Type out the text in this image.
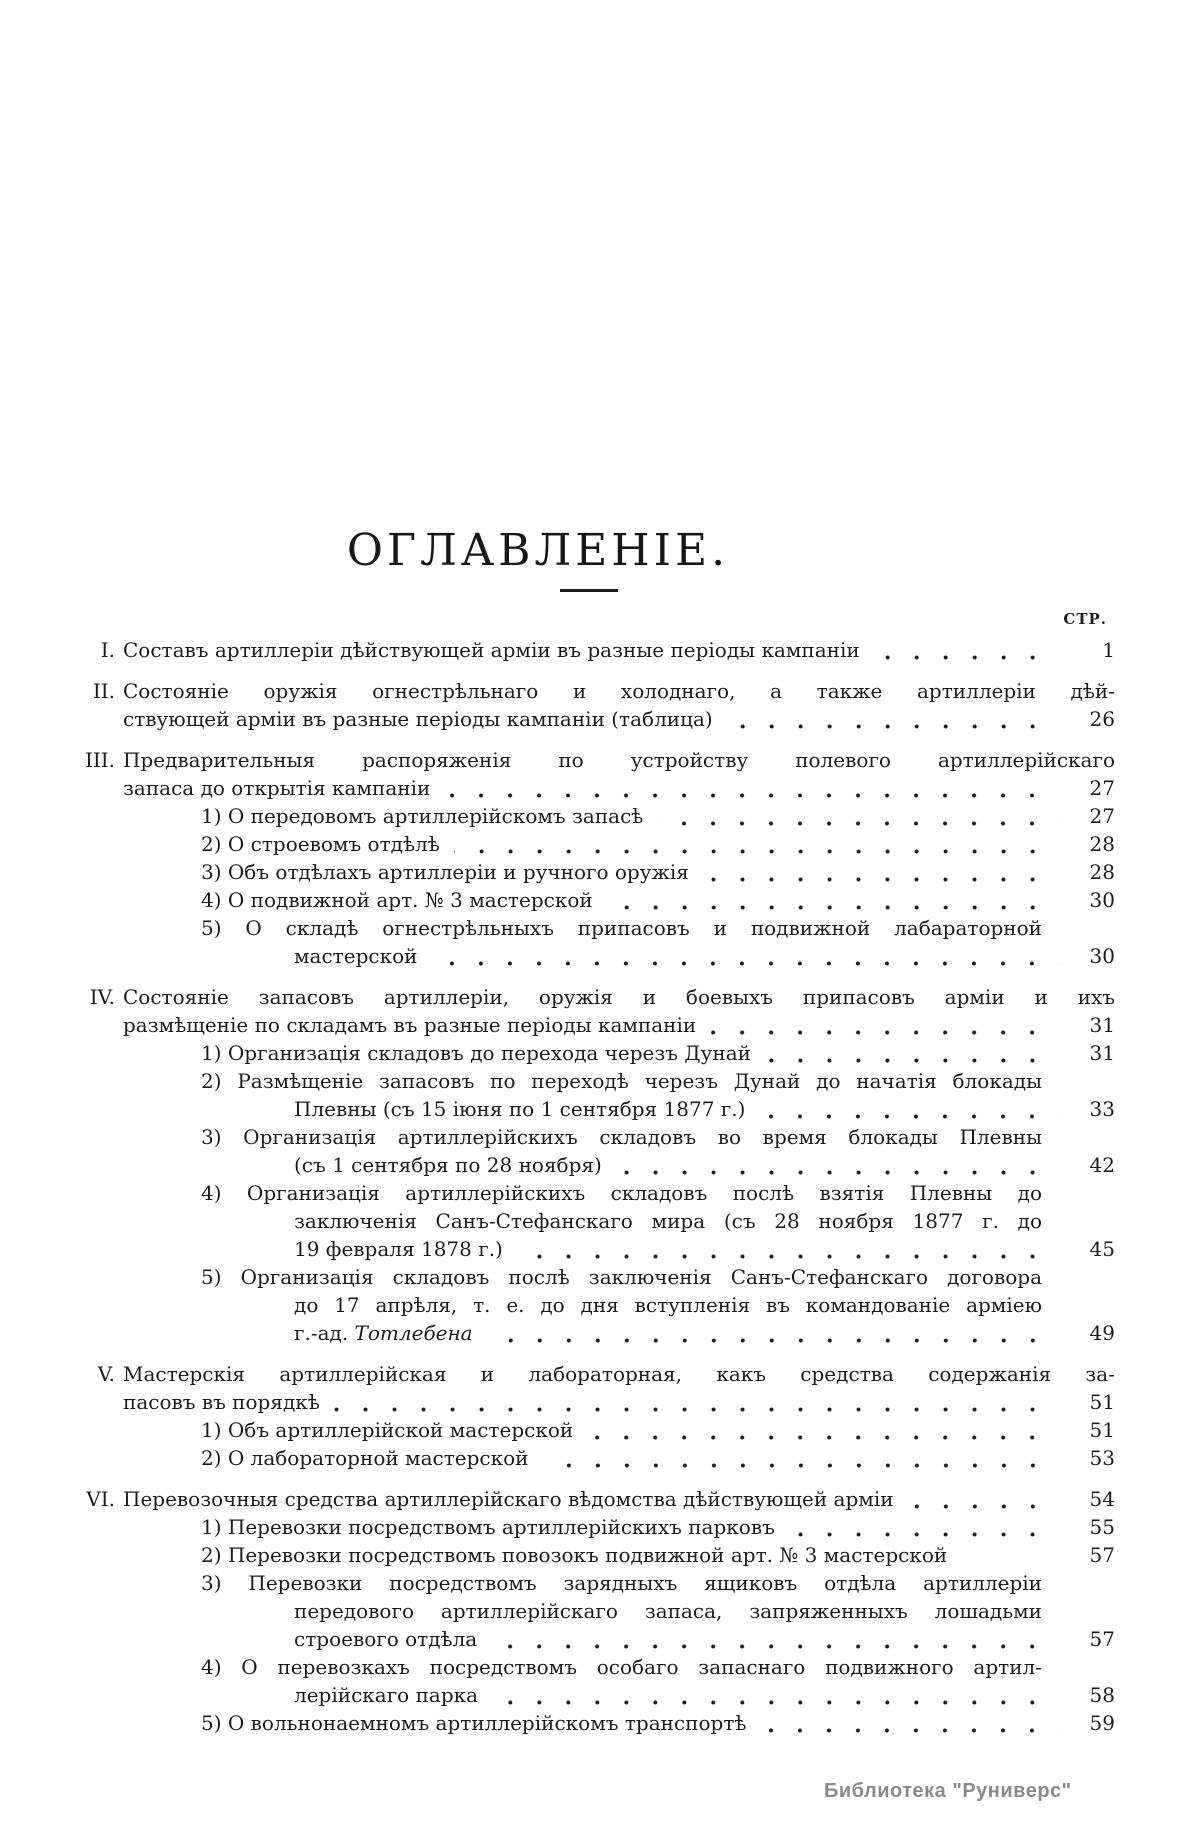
ОГЛАВЛЕНІЕ.
СТР.
I. Составъ артиллеріи дѣйствующей арміи въ разные періоды кампаніи	1
II. Состояніе оружія огнестрѣльнаго и холоднаго, а также артиллеріи дѣй-
ствующей арміи въ разные періоды кампаніи (таблица)	26
III. Предварительныя распоряженія по устройству полевого артиллерійскаго
запаса до открытія кампаніи	27
1) О передовомъ артиллерійскомъ запасѣ	27
2) О строевомъ отдѣлѣ	28
3) Объ отдѣлахъ артиллеріи и ручного оружія	28
4) О подвижной арт. № 3 мастерской	30
5) О складѣ огнестрѣльныхъ припасовъ и подвижной лабараторной
мастерской	30
IV. Состояніе запасовъ артиллеріи, оружія и боевыхъ припасовъ арміи и ихъ
размѣщеніе по складамъ въ разные періоды кампаніи	31
1) Организація складовъ до перехода черезъ Дунай	31
2) Размѣщеніе запасовъ по переходѣ черезъ Дунай до начатія блокады
Плевны (съ 15 іюня по 1 сентября 1877 г.)	33
3) Организація артиллерійскихъ складовъ во время блокады Плевны
(съ 1 сентября по 28 ноября)	42
4) Организація артиллерійскихъ складовъ послѣ взятія Плевны до
заключенія Санъ-Стефанскаго мира (съ 28 ноября 1877 г. до
19 февраля 1878 г.)	45
5) Организація складовъ послѣ заключенія Санъ-Стефанскаго договора
до 17 апрѣля, т. е. до дня вступленія въ командованіе арміею
г.-ад. Тотлебена	49
V. Мастерскія артиллерійская и лабораторная, какъ средства содержанія за-
пасовъ въ порядкѣ	51
1) Объ артиллерійской мастерской	51
2) О лабораторной мастерской	53
VI. Перевозочныя средства артиллерійскаго вѣдомства дѣйствующей арміи	54
1) Перевозки посредствомъ артиллерійскихъ парковъ	55
2) Перевозки посредствомъ повозокъ подвижной арт. № 3 мастерской	57
3) Перевозки посредствомъ зарядныхъ ящиковъ отдѣла артиллеріи
передового артиллерійскаго запаса, запряженныхъ лошадьми
строевого отдѣла	57
4) О перевозкахъ посредствомъ особаго запаснаго подвижного артил-
лерійскаго парка	58
5) О вольнонаемномъ артиллерійскомъ транспортѣ	59
Библиотека "Руниверс"
